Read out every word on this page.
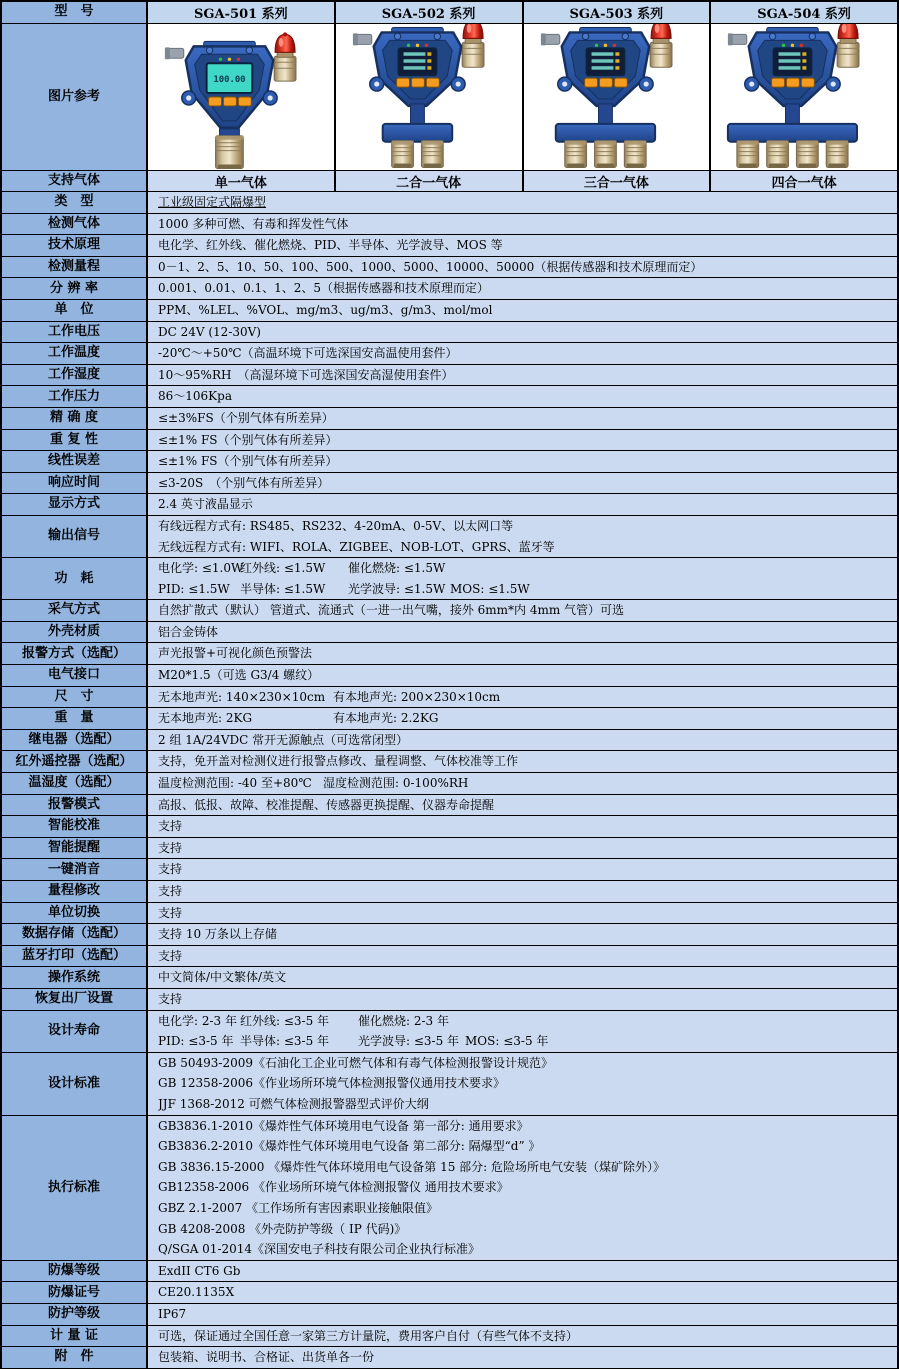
型　号	SGA-501 系列	SGA-502 系列	SGA-503 系列	SGA-504 系列
图片参考
100.00
支持气体	单一气体	二合一气体	三合一气体	四合一气体
类　型	工业级固定式隔爆型
检测气体	1000 多种可燃、有毒和挥发性气体
技术原理	电化学、红外线、催化燃烧、PID、半导体、光学波导、MOS 等
检测量程	0－1、2、5、10、50、100、500、1000、5000、10000、50000（根据传感器和技术原理而定）
分 辨 率	0.001、0.01、0.1、1、2、5（根据传感器和技术原理而定）
单　位	PPM、%LEL、%VOL、mg/m3、ug/m3、g/m3、mol/mol
工作电压	DC 24V (12-30V)
工作温度	-20℃～+50℃（高温环境下可选深国安高温使用套件）
工作湿度	10～95%RH　（高湿环境下可选深国安高湿使用套件）
工作压力	86～106Kpa
精 确 度	≤±3%FS（个别气体有所差异）
重 复 性	≤±1% FS（个别气体有所差异）
线性误差	≤±1% FS（个别气体有所差异）
响应时间	≤3-20S　（个别气体有所差异）
显示方式	2.4 英寸液晶显示
输出信号
有线远程方式有: RS485、RS232、4-20mA、0-5V、以太网口等
无线远程方式有: WIFI、ROLA、ZIGBEE、NOB-LOT、GPRS、蓝牙等
功　耗
电化学: ≤1.0W红外线: ≤1.5W 催化燃烧: ≤1.5W
PID: ≤1.5W 半导体: ≤1.5W 光学波导: ≤1.5W MOS: ≤1.5W
采气方式	自然扩散式（默认） 管道式、流通式（一进一出气嘴，接外 6mm*内 4mm 气管）可选
外壳材质	铝合金铸体
报警方式（选配）	声光报警+可视化颜色预警法
电气接口	M20*1.5（可选 G3/4 螺纹）
尺　寸	无本地声光: 140×230×10cm 有本地声光: 200×230×10cm
重　量	无本地声光: 2KG	有本地声光: 2.2KG
继电器（选配）	2 组 1A/24VDC 常开无源触点（可选常闭型）
红外遥控器（选配）	支持，免开盖对检测仪进行报警点修改、量程调整、气体校准等工作
温湿度（选配）	温度检测范围: -40 至+80℃ 湿度检测范围: 0-100%RH
报警模式	高报、低报、故障、校准提醒、传感器更换提醒、仪器寿命提醒
智能校准	支持
智能提醒	支持
一键消音	支持
量程修改	支持
单位切换	支持
数据存储（选配）	支持 10 万条以上存储
蓝牙打印（选配）	支持
操作系统	中文简体/中文繁体/英文
恢复出厂设置	支持
设计寿命
电化学: 2-3 年 红外线: ≤3-5 年 催化燃烧: 2-3 年
PID: ≤3-5 年 半导体: ≤3-5 年 光学波导: ≤3-5 年 MOS: ≤3-5 年
设计标准
GB 50493-2009《石油化工企业可燃气体和有毒气体检测报警设计规范》
GB 12358-2006《作业场所环境气体检测报警仪通用技术要求》
JJF 1368-2012 可燃气体检测报警器型式评价大纲
执行标准
GB3836.1-2010《爆炸性气体环境用电气设备 第一部分: 通用要求》
GB3836.2-2010《爆炸性气体环境用电气设备 第二部分: 隔爆型“d” 》
GB 3836.15-2000 《爆炸性气体环境用电气设备第 15 部分: 危险场所电气安装（煤矿除外）》
GB12358-2006 《作业场所环境气体检测报警仪 通用技术要求》
GBZ 2.1-2007 《工作场所有害因素职业接触限值》
GB 4208-2008 《外壳防护等级（ IP 代码)》
Q/SGA 01-2014《深国安电子科技有限公司企业执行标准》
防爆等级	ExdII CT6 Gb
防爆证号	CE20.1135X
防护等级	IP67
计 量 证	可选，保证通过全国任意一家第三方计量院，费用客户自付（有些气体不支持）
附　件	包装箱、说明书、合格证、出货单各一份
